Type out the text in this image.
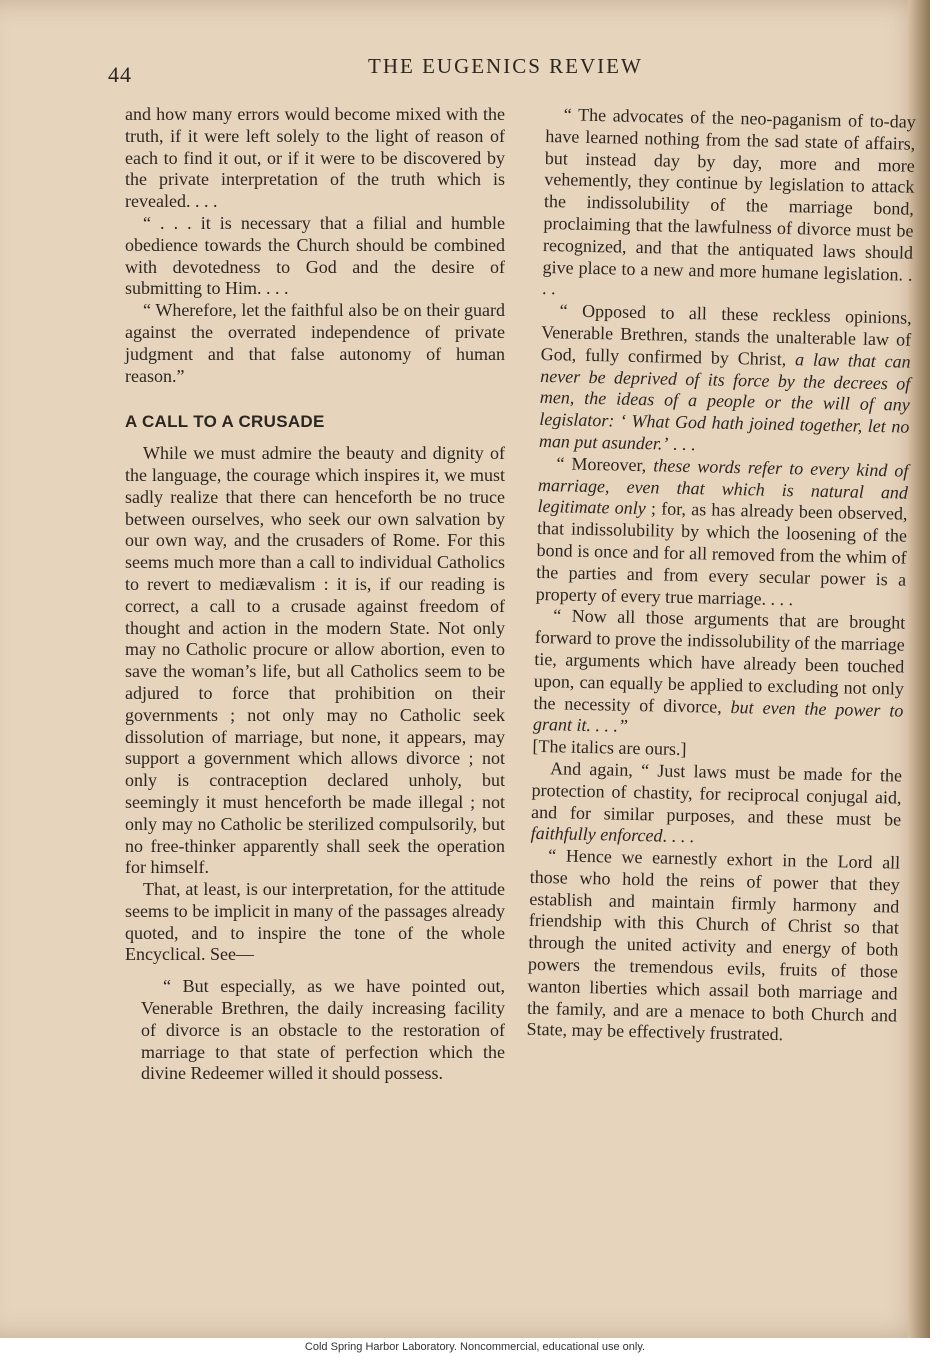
44	THE EUGENICS REVIEW

and how many errors would become mixed with the truth, if it were left solely to the light of reason of each to find it out, or if it were to be discovered by the private interpretation of the truth which is revealed. . . .

“ . . . it is necessary that a filial and humble obedience towards the Church should be combined with devotedness to God and the desire of submitting to Him. . . .

“ Wherefore, let the faithful also be on their guard against the overrated independence of private judgment and that false autonomy of human reason.”

A CALL TO A CRUSADE

While we must admire the beauty and dignity of the language, the courage which inspires it, we must sadly realize that there can henceforth be no truce between ourselves, who seek our own salvation by our own way, and the crusaders of Rome. For this seems much more than a call to individual Catholics to revert to mediævalism : it is, if our reading is correct, a call to a crusade against freedom of thought and action in the modern State. Not only may no Catholic procure or allow abortion, even to save the woman’s life, but all Catholics seem to be adjured to force that prohibition on their governments ; not only may no Catholic seek dissolution of marriage, but none, it appears, may support a government which allows divorce ; not only is contraception declared unholy, but seemingly it must henceforth be made illegal ; not only may no Catholic be sterilized compulsorily, but no free-thinker apparently shall seek the operation for himself.

That, at least, is our interpretation, for the attitude seems to be implicit in many of the passages already quoted, and to inspire the tone of the whole Encyclical. See—

“ But especially, as we have pointed out, Venerable Brethren, the daily increasing facility of divorce is an obstacle to the restoration of marriage to that state of perfection which the divine Redeemer willed it should possess.

“ The advocates of the neo-paganism of to-day have learned nothing from the sad state of affairs, but instead day by day, more and more vehemently, they continue by legislation to attack the indissolubility of the marriage bond, proclaiming that the lawfulness of divorce must be recognized, and that the antiquated laws should give place to a new and more humane legislation. . . .

“ Opposed to all these reckless opinions, Venerable Brethren, stands the unalterable law of God, fully confirmed by Christ, a law that can never be deprived of its force by the decrees of men, the ideas of a people or the will of any legislator: ‘ What God hath joined together, let no man put asunder.’ . . .

“ Moreover, these words refer to every kind of marriage, even that which is natural and legitimate only ; for, as has already been observed, that indissolubility by which the loosening of the bond is once and for all removed from the whim of the parties and from every secular power is a property of every true marriage. . . .

“ Now all those arguments that are brought forward to prove the indissolubility of the marriage tie, arguments which have already been touched upon, can equally be applied to excluding not only the necessity of divorce, but even the power to grant it. . . .”

[The italics are ours.]

And again, “ Just laws must be made for the protection of chastity, for reciprocal conjugal aid, and for similar purposes, and these must be faithfully enforced. . . .

“ Hence we earnestly exhort in the Lord all those who hold the reins of power that they establish and maintain firmly harmony and friendship with this Church of Christ so that through the united activity and energy of both powers the tremendous evils, fruits of those wanton liberties which assail both marriage and the family, and are a menace to both Church and State, may be effectively frustrated.

Cold Spring Harbor Laboratory. Noncommercial, educational use only.
